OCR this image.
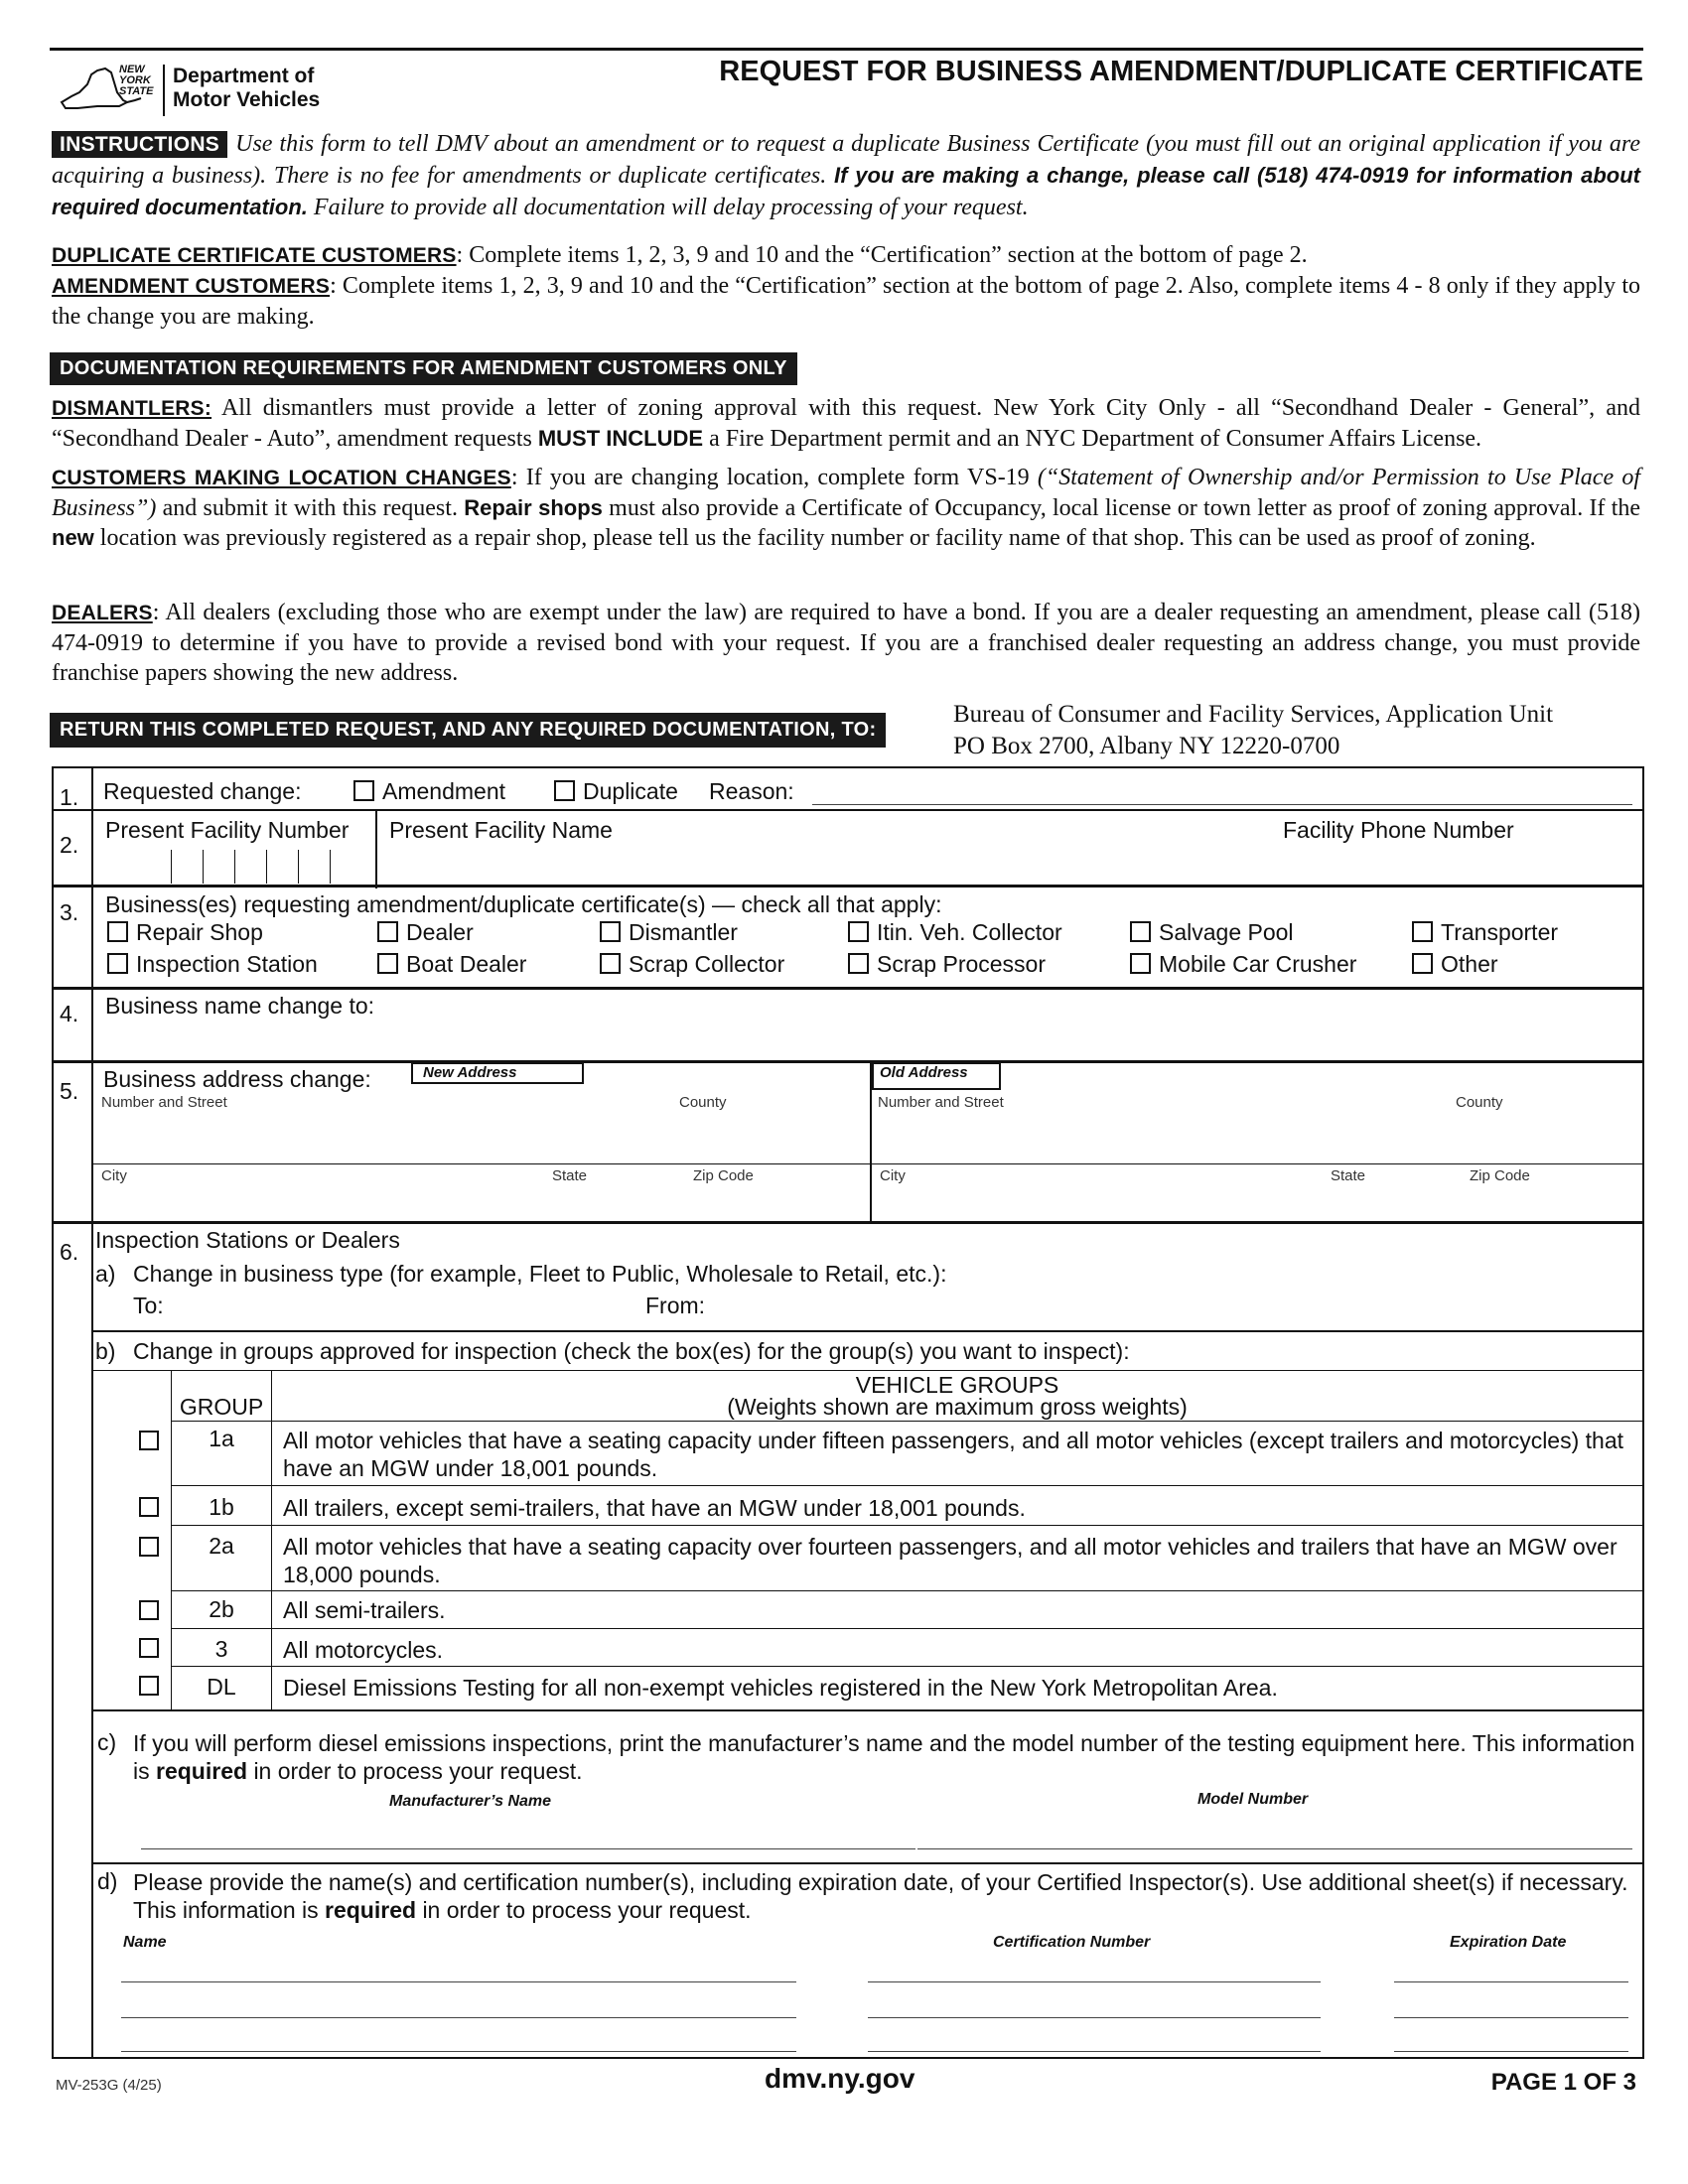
NEW
YORK
STATE
Department of
Motor Vehicles
REQUEST FOR BUSINESS AMENDMENT/DUPLICATE CERTIFICATE
INSTRUCTIONS Use this form to tell DMV about an amendment or to request a duplicate Business Certificate (you must fill out an original application if you are acquiring a business). There is no fee for amendments or duplicate certificates. If you are making a change, please call (518) 474-0919 for information about required documentation. Failure to provide all documentation will delay processing of your request.

DUPLICATE CERTIFICATE CUSTOMERS: Complete items 1, 2, 3, 9 and 10 and the “Certification” section at the bottom of page 2.

AMENDMENT CUSTOMERS: Complete items 1, 2, 3, 9 and 10 and the “Certification” section at the bottom of page 2. Also, complete items 4 - 8 only if they apply to the change you are making.

DOCUMENTATION REQUIREMENTS FOR AMENDMENT CUSTOMERS ONLY
DISMANTLERS: All dismantlers must provide a letter of zoning approval with this request. New York City Only - all “Secondhand Dealer - General”, and “Secondhand Dealer - Auto”, amendment requests MUST INCLUDE a Fire Department permit and an NYC Department of Consumer Affairs License.
CUSTOMERS MAKING LOCATION CHANGES: If you are changing location, complete form VS-19 (“Statement of Ownership and/or Permission to Use Place of Business”) and submit it with this request. Repair shops must also provide a Certificate of Occupancy, local license or town letter as proof of zoning approval. If the new location was previously registered as a repair shop, please tell us the facility number or facility name of that shop. This can be used as proof of zoning.
DEALERS: All dealers (excluding those who are exempt under the law) are required to have a bond. If you are a dealer requesting an amendment, please call (518) 474-0919 to determine if you have to provide a revised bond with your request. If you are a franchised dealer requesting an address change, you must provide franchise papers showing the new address.
RETURN THIS COMPLETED REQUEST, AND ANY REQUIRED DOCUMENTATION, TO:
Bureau of Consumer and Facility Services, Application Unit
PO Box 2700, Albany NY 12220-0700
1. Requested change:	Amendment	Duplicate Reason:
2.
Present Facility Number Present Facility Name	Facility Phone Number
3. Business(es) requesting amendment/duplicate certificate(s) — check all that apply:
Repair Shop	Dealer	Dismantler	Itin. Veh. Collector	Salvage Pool	Transporter
Inspection Station	Boat Dealer	Scrap Collector	Scrap Processor	Mobile Car Crusher	Other
4. Business name change to:
5. Business address change:	New Address	Old Address
Number and Street	County
City	State	Zip Code
Number and Street	County
City	State	Zip Code
6. Inspection Stations or Dealers
a) Change in business type (for example, Fleet to Public, Wholesale to Retail, etc.):
To:	From:
b) Change in groups approved for inspection (check the box(es) for the group(s) you want to inspect):
GROUP
VEHICLE GROUPS
(Weights shown are maximum gross weights)
1a	All motor vehicles that have a seating capacity under fifteen passengers, and all motor vehicles (except trailers and motorcycles) that have an MGW under 18,001 pounds.
1b	All trailers, except semi-trailers, that have an MGW under 18,001 pounds.
2a	All motor vehicles that have a seating capacity over fourteen passengers, and all motor vehicles and trailers that have an MGW over 18,000 pounds.
2b	All semi-trailers.
3	All motorcycles.
DL	Diesel Emissions Testing for all non-exempt vehicles registered in the New York Metropolitan Area.
c) If you will perform diesel emissions inspections, print the manufacturer’s name and the model number of the testing equipment here. This information is required in order to process your request.
Manufacturer’s Name	Model Number
d) Please provide the name(s) and certification number(s), including expiration date, of your Certified Inspector(s). Use additional sheet(s) if necessary. This information is required in order to process your request.
Name	Certification Number	Expiration Date
MV-253G (4/25)	dmv.ny.gov	PAGE 1 OF 3
